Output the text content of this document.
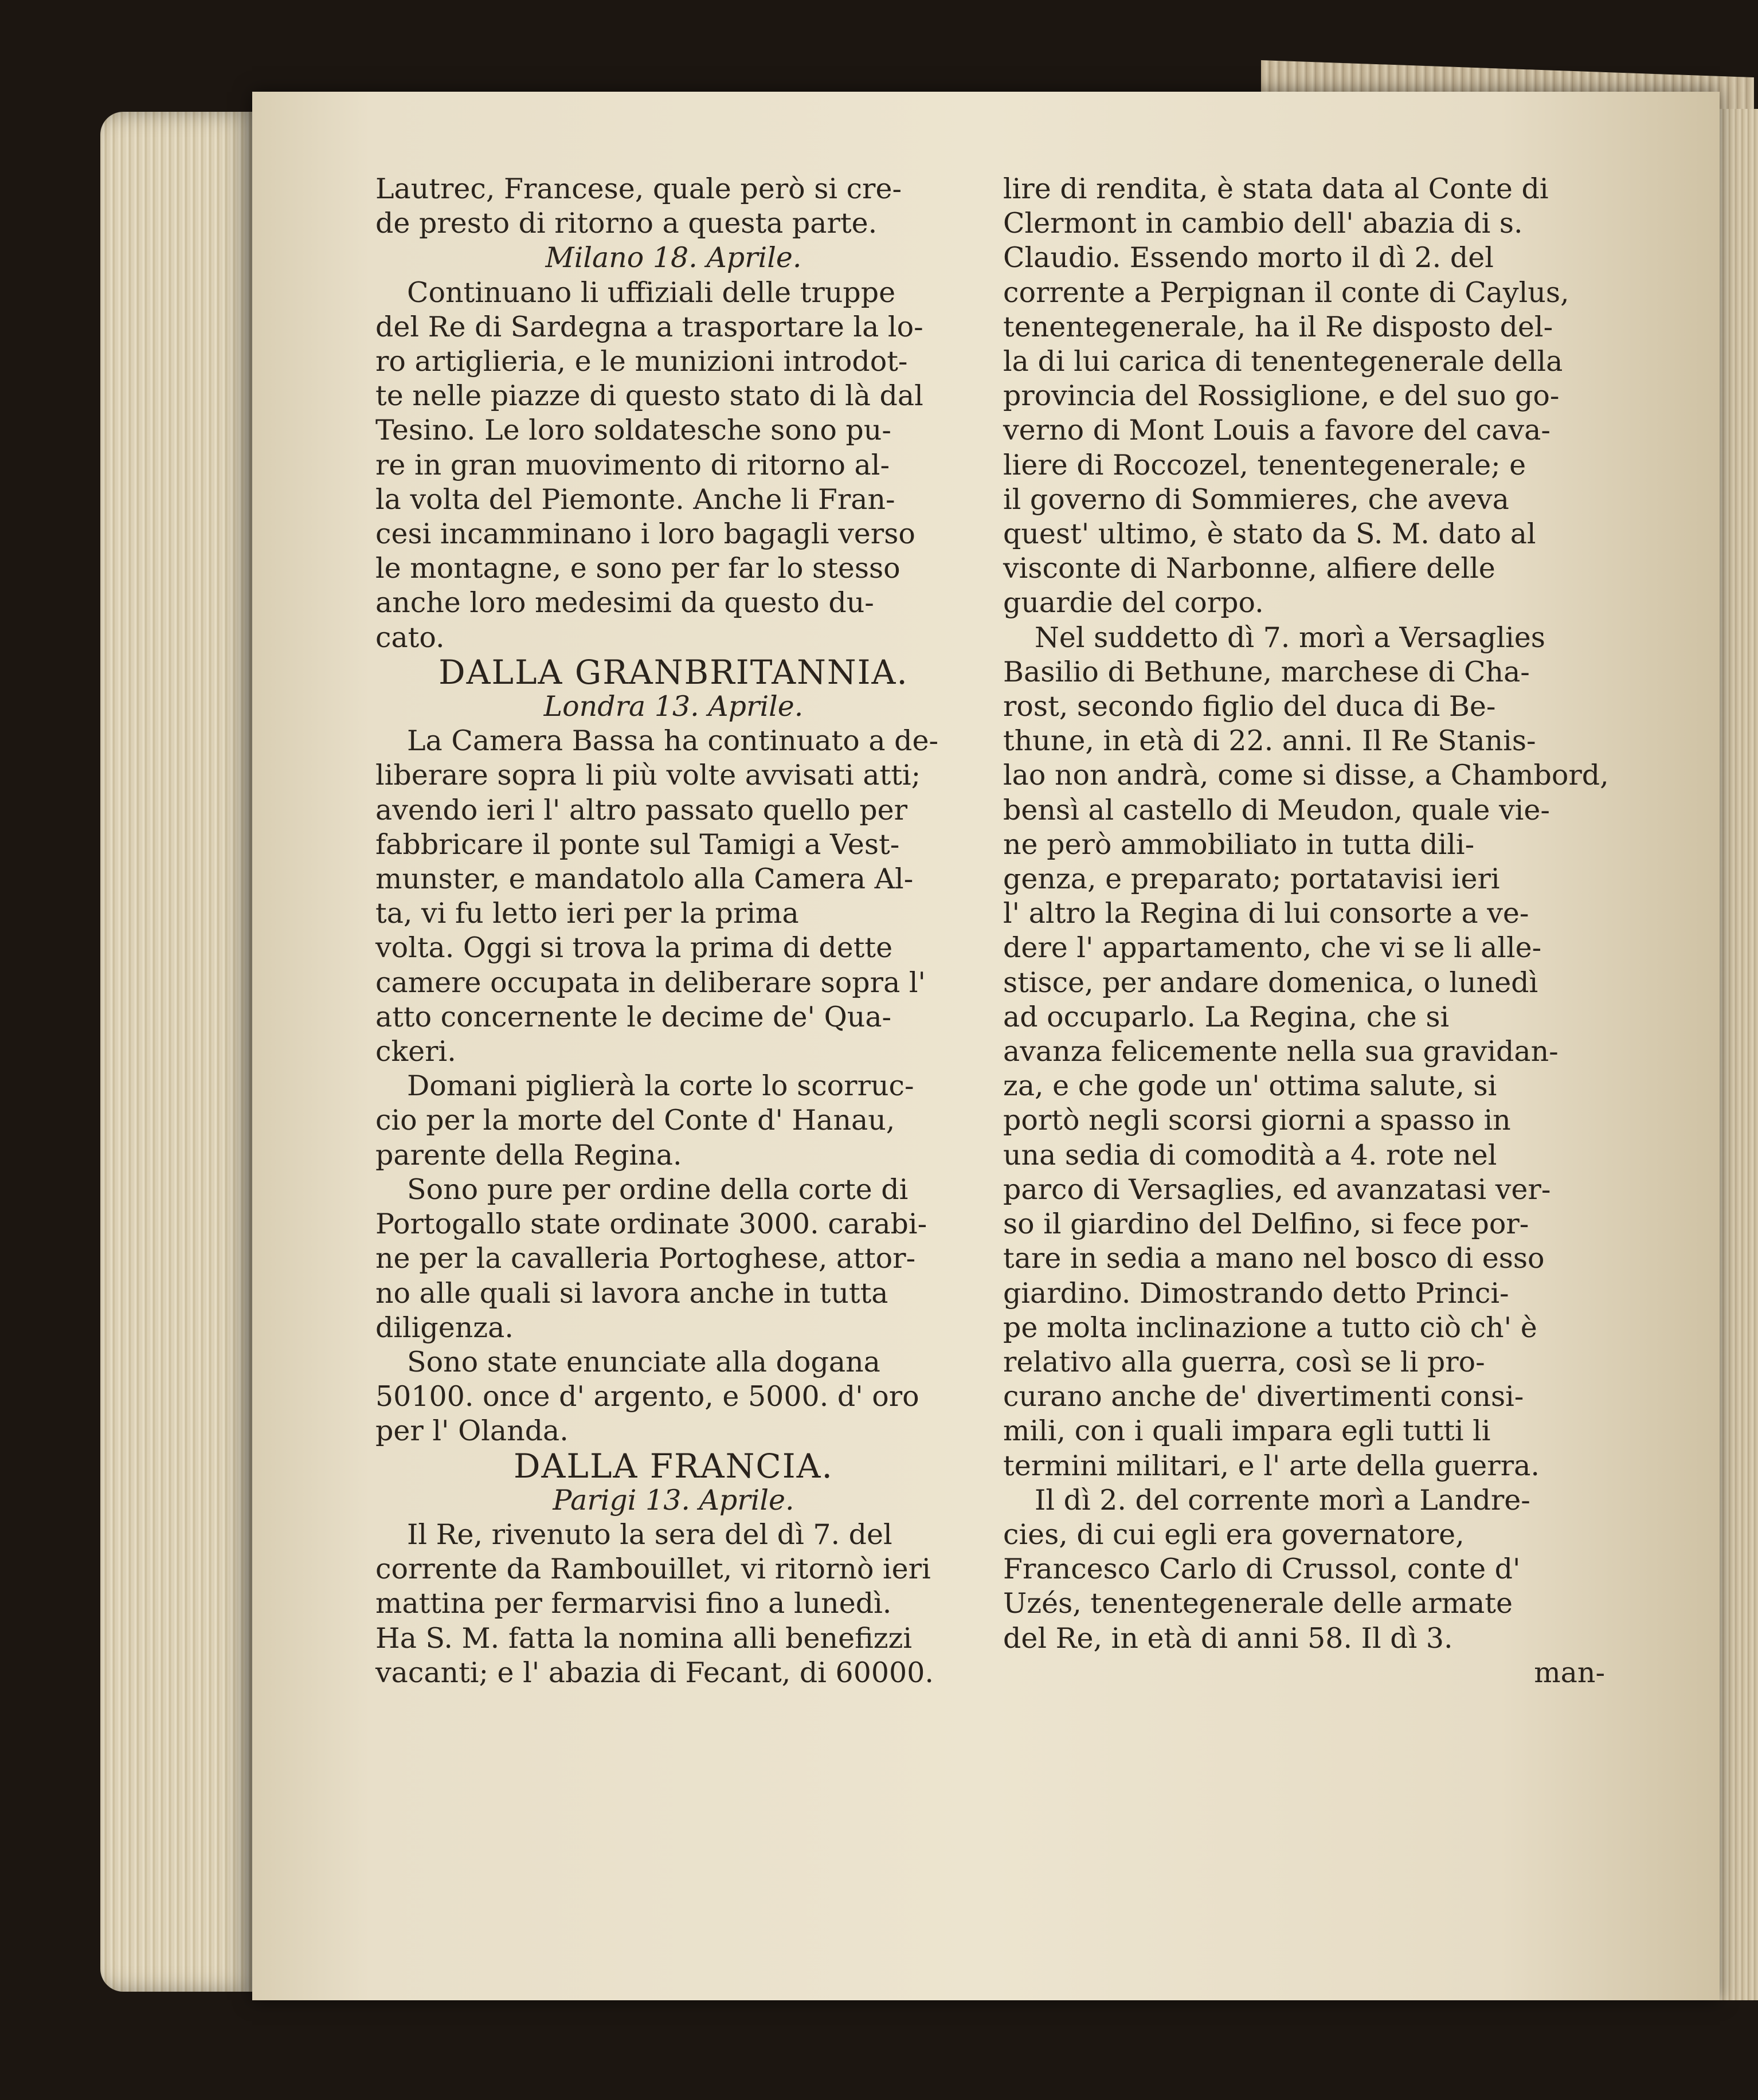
Lautrec, Francese, quale però si cre-
de presto di ritorno a questa parte.
Milano 18. Aprile.
Continuano li uffiziali delle truppe
del Re di Sardegna a trasportare la lo-
ro artiglieria, e le munizioni introdot-
te nelle piazze di questo stato di là dal
Tesino. Le loro soldatesche sono pu-
re in gran muovimento di ritorno al-
la volta del Piemonte. Anche li Fran-
cesi incamminano i loro bagagli verso
le montagne, e sono per far lo stesso
anche loro medesimi da questo du-
cato.
DALLA GRANBRITANNIA.
Londra 13. Aprile.
La Camera Bassa ha continuato a de-
liberare sopra li più volte avvisati atti;
avendo ieri l' altro passato quello per
fabbricare il ponte sul Tamigi a Vest-
munster, e mandatolo alla Camera Al-
ta, vi fu letto ieri per la prima
volta. Oggi si trova la prima di dette
camere occupata in deliberare sopra l'
atto concernente le decime de' Qua-
ckeri.
Domani piglierà la corte lo scorruc-
cio per la morte del Conte d' Hanau,
parente della Regina.
Sono pure per ordine della corte di
Portogallo state ordinate 3000. carabi-
ne per la cavalleria Portoghese, attor-
no alle quali si lavora anche in tutta
diligenza.
Sono state enunciate alla dogana
50100. once d' argento, e 5000. d' oro
per l' Olanda.
DALLA FRANCIA.
Parigi 13. Aprile.
Il Re, rivenuto la sera del dì 7. del
corrente da Rambouillet, vi ritornò ieri
mattina per fermarvisi fino a lunedì.
Ha S. M. fatta la nomina alli benefizzi
vacanti; e l' abazia di Fecant, di 60000.
lire di rendita, è stata data al Conte di
Clermont in cambio dell' abazia di s.
Claudio. Essendo morto il dì 2. del
corrente a Perpignan il conte di Caylus,
tenentegenerale, ha il Re disposto del-
la di lui carica di tenentegenerale della
provincia del Rossiglione, e del suo go-
verno di Mont Louis a favore del cava-
liere di Roccozel, tenentegenerale; e
il governo di Sommieres, che aveva
quest' ultimo, è stato da S. M. dato al
visconte di Narbonne, alfiere delle
guardie del corpo.
Nel suddetto dì 7. morì a Versaglies
Basilio di Bethune, marchese di Cha-
rost, secondo figlio del duca di Be-
thune, in età di 22. anni. Il Re Stanis-
lao non andrà, come si disse, a Chambord,
bensì al castello di Meudon, quale vie-
ne però ammobiliato in tutta dili-
genza, e preparato; portatavisi ieri
l' altro la Regina di lui consorte a ve-
dere l' appartamento, che vi se li alle-
stisce, per andare domenica, o lunedì
ad occuparlo. La Regina, che si
avanza felicemente nella sua gravidan-
za, e che gode un' ottima salute, si
portò negli scorsi giorni a spasso in
una sedia di comodità a 4. rote nel
parco di Versaglies, ed avanzatasi ver-
so il giardino del Delfino, si fece por-
tare in sedia a mano nel bosco di esso
giardino. Dimostrando detto Princi-
pe molta inclinazione a tutto ciò ch' è
relativo alla guerra, così se li pro-
curano anche de' divertimenti consi-
mili, con i quali impara egli tutti li
termini militari, e l' arte della guerra.
Il dì 2. del corrente morì a Landre-
cies, di cui egli era governatore,
Francesco Carlo di Crussol, conte d'
Uzés, tenentegenerale delle armate
del Re, in età di anni 58. Il dì 3.
man-
